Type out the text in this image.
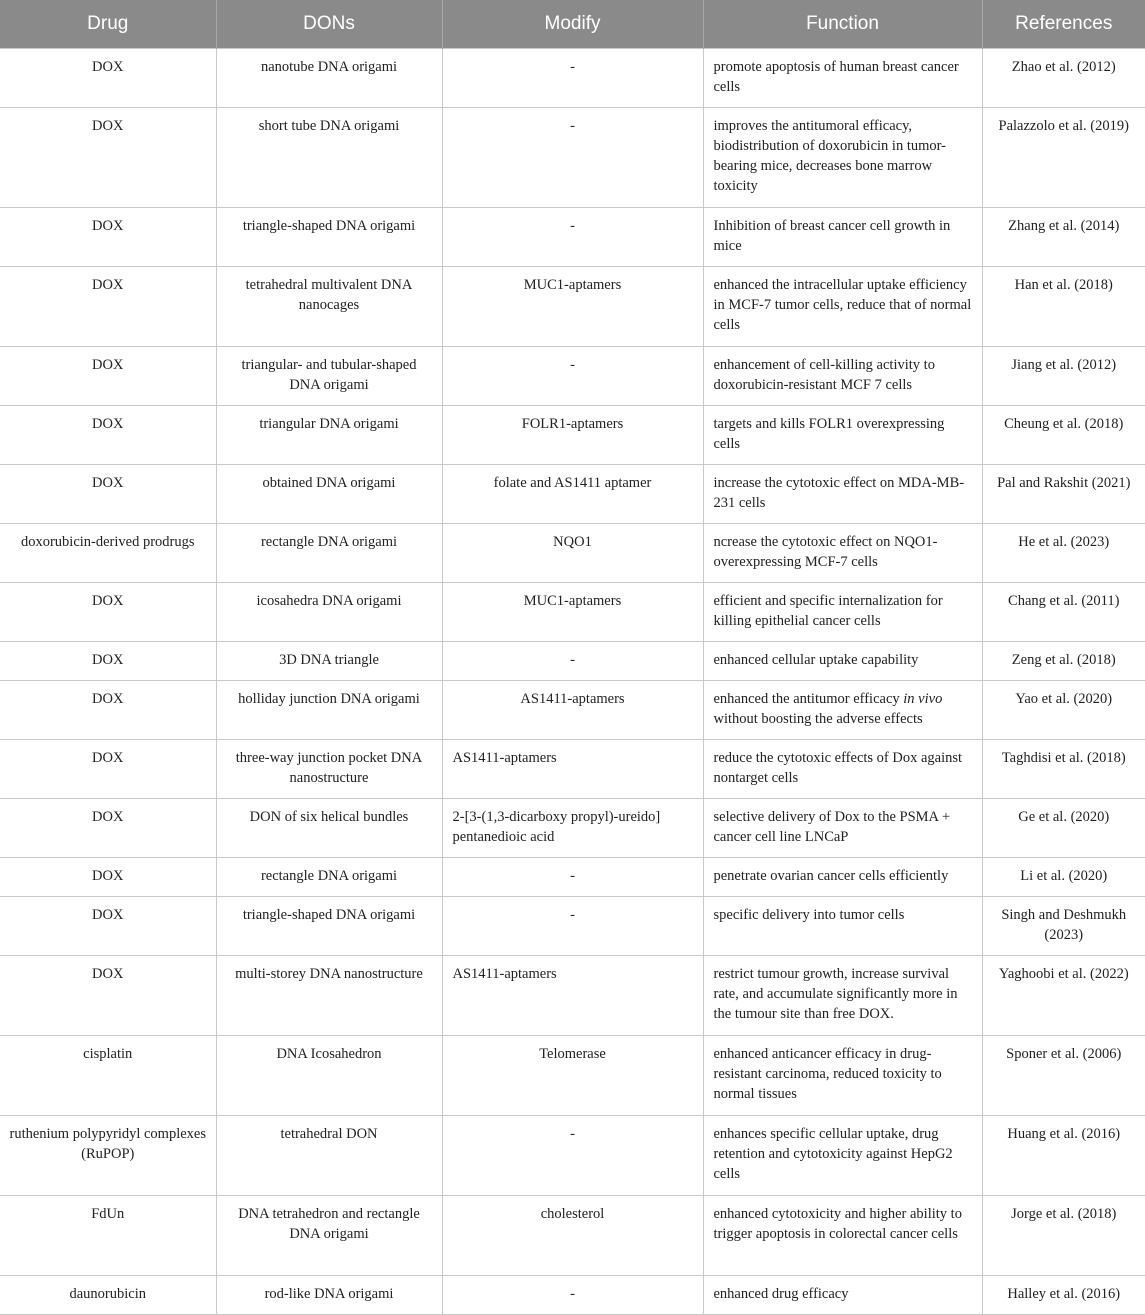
Drug	DONs	Modify	Function	References
DOX	nanotube DNA origami	-	promote apoptosis of human breast cancer cells	Zhao et al. (2012)
DOX	short tube DNA origami	-	improves the antitumoral efficacy, biodistribution of doxorubicin in tumor-bearing mice, decreases bone marrow toxicity	Palazzolo et al. (2019)
DOX	triangle-shaped DNA origami	-	Inhibition of breast cancer cell growth in mice	Zhang et al. (2014)
DOX	tetrahedral multivalent DNA nanocages	MUC1-aptamers	enhanced the intracellular uptake efficiency in MCF-7 tumor cells, reduce that of normal cells	Han et al. (2018)
DOX	triangular- and tubular-shaped DNA origami	-	enhancement of cell-killing activity to doxorubicin-resistant MCF 7 cells	Jiang et al. (2012)
DOX	triangular DNA origami	FOLR1-aptamers	targets and kills FOLR1 overexpressing cells	Cheung et al. (2018)
DOX	obtained DNA origami	folate and AS1411 aptamer	increase the cytotoxic effect on MDA-MB-231 cells	Pal and Rakshit (2021)
doxorubicin-derived prodrugs	rectangle DNA origami	NQO1	ncrease the cytotoxic effect on NQO1-overexpressing MCF-7 cells	He et al. (2023)
DOX	icosahedra DNA origami	MUC1-aptamers	efficient and specific internalization for killing epithelial cancer cells	Chang et al. (2011)
DOX	3D DNA triangle	-	enhanced cellular uptake capability	Zeng et al. (2018)
DOX	holliday junction DNA origami	AS1411-aptamers	enhanced the antitumor efficacy in vivo without boosting the adverse effects	Yao et al. (2020)
DOX	three-way junction pocket DNA nanostructure	AS1411-aptamers	reduce the cytotoxic effects of Dox against nontarget cells	Taghdisi et al. (2018)
DOX	DON of six helical bundles	2-[3-(1,3-dicarboxy propyl)-ureido] pentanedioic acid	selective delivery of Dox to the PSMA + cancer cell line LNCaP	Ge et al. (2020)
DOX	rectangle DNA origami	-	penetrate ovarian cancer cells efficiently	Li et al. (2020)
DOX	triangle-shaped DNA origami	-	specific delivery into tumor cells	Singh and Deshmukh (2023)
DOX	multi-storey DNA nanostructure	AS1411-aptamers	restrict tumour growth, increase survival rate, and accumulate significantly more in the tumour site than free DOX.	Yaghoobi et al. (2022)
cisplatin	DNA Icosahedron	Telomerase	enhanced anticancer efficacy in drug-resistant carcinoma, reduced toxicity to normal tissues	Sponer et al. (2006)
ruthenium polypyridyl complexes (RuPOP)	tetrahedral DON	-	enhances specific cellular uptake, drug retention and cytotoxicity against HepG2 cells	Huang et al. (2016)
FdUn	DNA tetrahedron and rectangle DNA origami	cholesterol	enhanced cytotoxicity and higher ability to trigger apoptosis in colorectal cancer cells	Jorge et al. (2018)
daunorubicin	rod-like DNA origami	-	enhanced drug efficacy	Halley et al. (2016)
